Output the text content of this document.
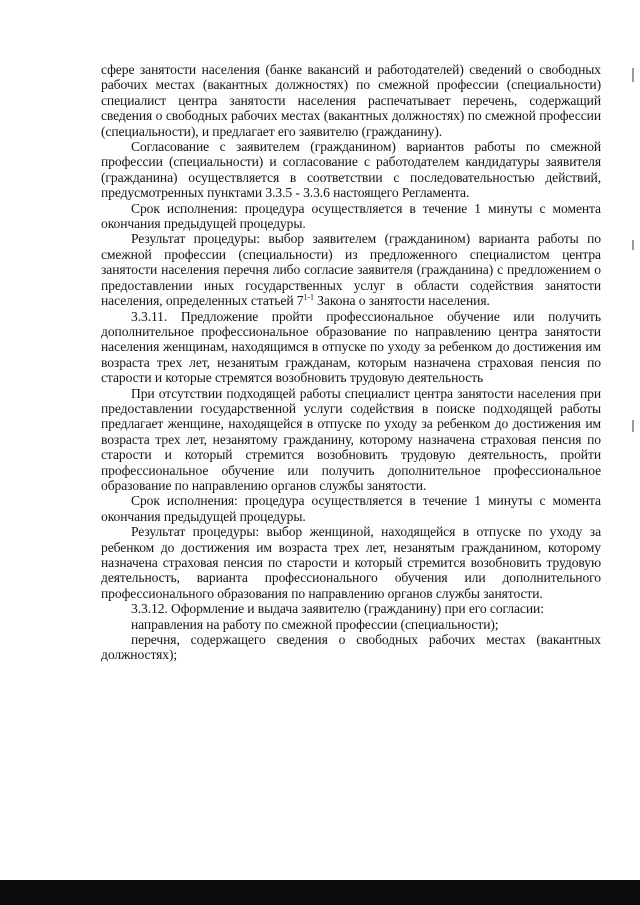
сфере занятости населения (банке вакансий и работодателей) сведений о свободных рабочих местах (вакантных должностях) по смежной профессии (специальности) специалист центра занятости населения распечатывает перечень, содержащий сведения о свободных рабочих местах (вакантных должностях) по смежной профессии (специальности), и предлагает его заявителю (гражданину).

Согласование с заявителем (гражданином) вариантов работы по смежной профессии (специальности) и согласование с работодателем кандидатуры заявителя (гражданина) осуществляется в соответствии с последовательностью действий, предусмотренных пунктами 3.3.5 - 3.3.6 настоящего Регламента.

Срок исполнения: процедура осуществляется в течение 1 минуты с момента окончания предыдущей процедуры.

Результат процедуры: выбор заявителем (гражданином) варианта работы по смежной профессии (специальности) из предложенного специалистом центра занятости населения перечня либо согласие заявителя (гражданина) с предложением о предоставлении иных государственных услуг в области содействия занятости населения, определенных статьей 7$^{1-1}$ Закона о занятости населения.

3.3.11. Предложение пройти профессиональное обучение или получить дополнительное профессиональное образование по направлению центра занятости населения женщинам, находящимся в отпуске по уходу за ребенком до достижения им возраста трех лет, незанятым гражданам, которым назначена страховая пенсия по старости и которые стремятся возобновить трудовую деятельность

При отсутствии подходящей работы специалист центра занятости населения при предоставлении государственной услуги содействия в поиске подходящей работы предлагает женщине, находящейся в отпуске по уходу за ребенком до достижения им возраста трех лет, незанятому гражданину, которому назначена страховая пенсия по старости и который стремится возобновить трудовую деятельность, пройти профессиональное обучение или получить дополнительное профессиональное образование по направлению органов службы занятости.

Срок исполнения: процедура осуществляется в течение 1 минуты с момента окончания предыдущей процедуры.

Результат процедуры: выбор женщиной, находящейся в отпуске по уходу за ребенком до достижения им возраста трех лет, незанятым гражданином, которому назначена страховая пенсия по старости и который стремится возобновить трудовую деятельность, варианта профессионального обучения или дополнительного профессионального образования по направлению органов службы занятости.

3.3.12. Оформление и выдача заявителю (гражданину) при его согласии:

направления на работу по смежной профессии (специальности);

перечня, содержащего сведения о свободных рабочих местах (вакантных должностях);
